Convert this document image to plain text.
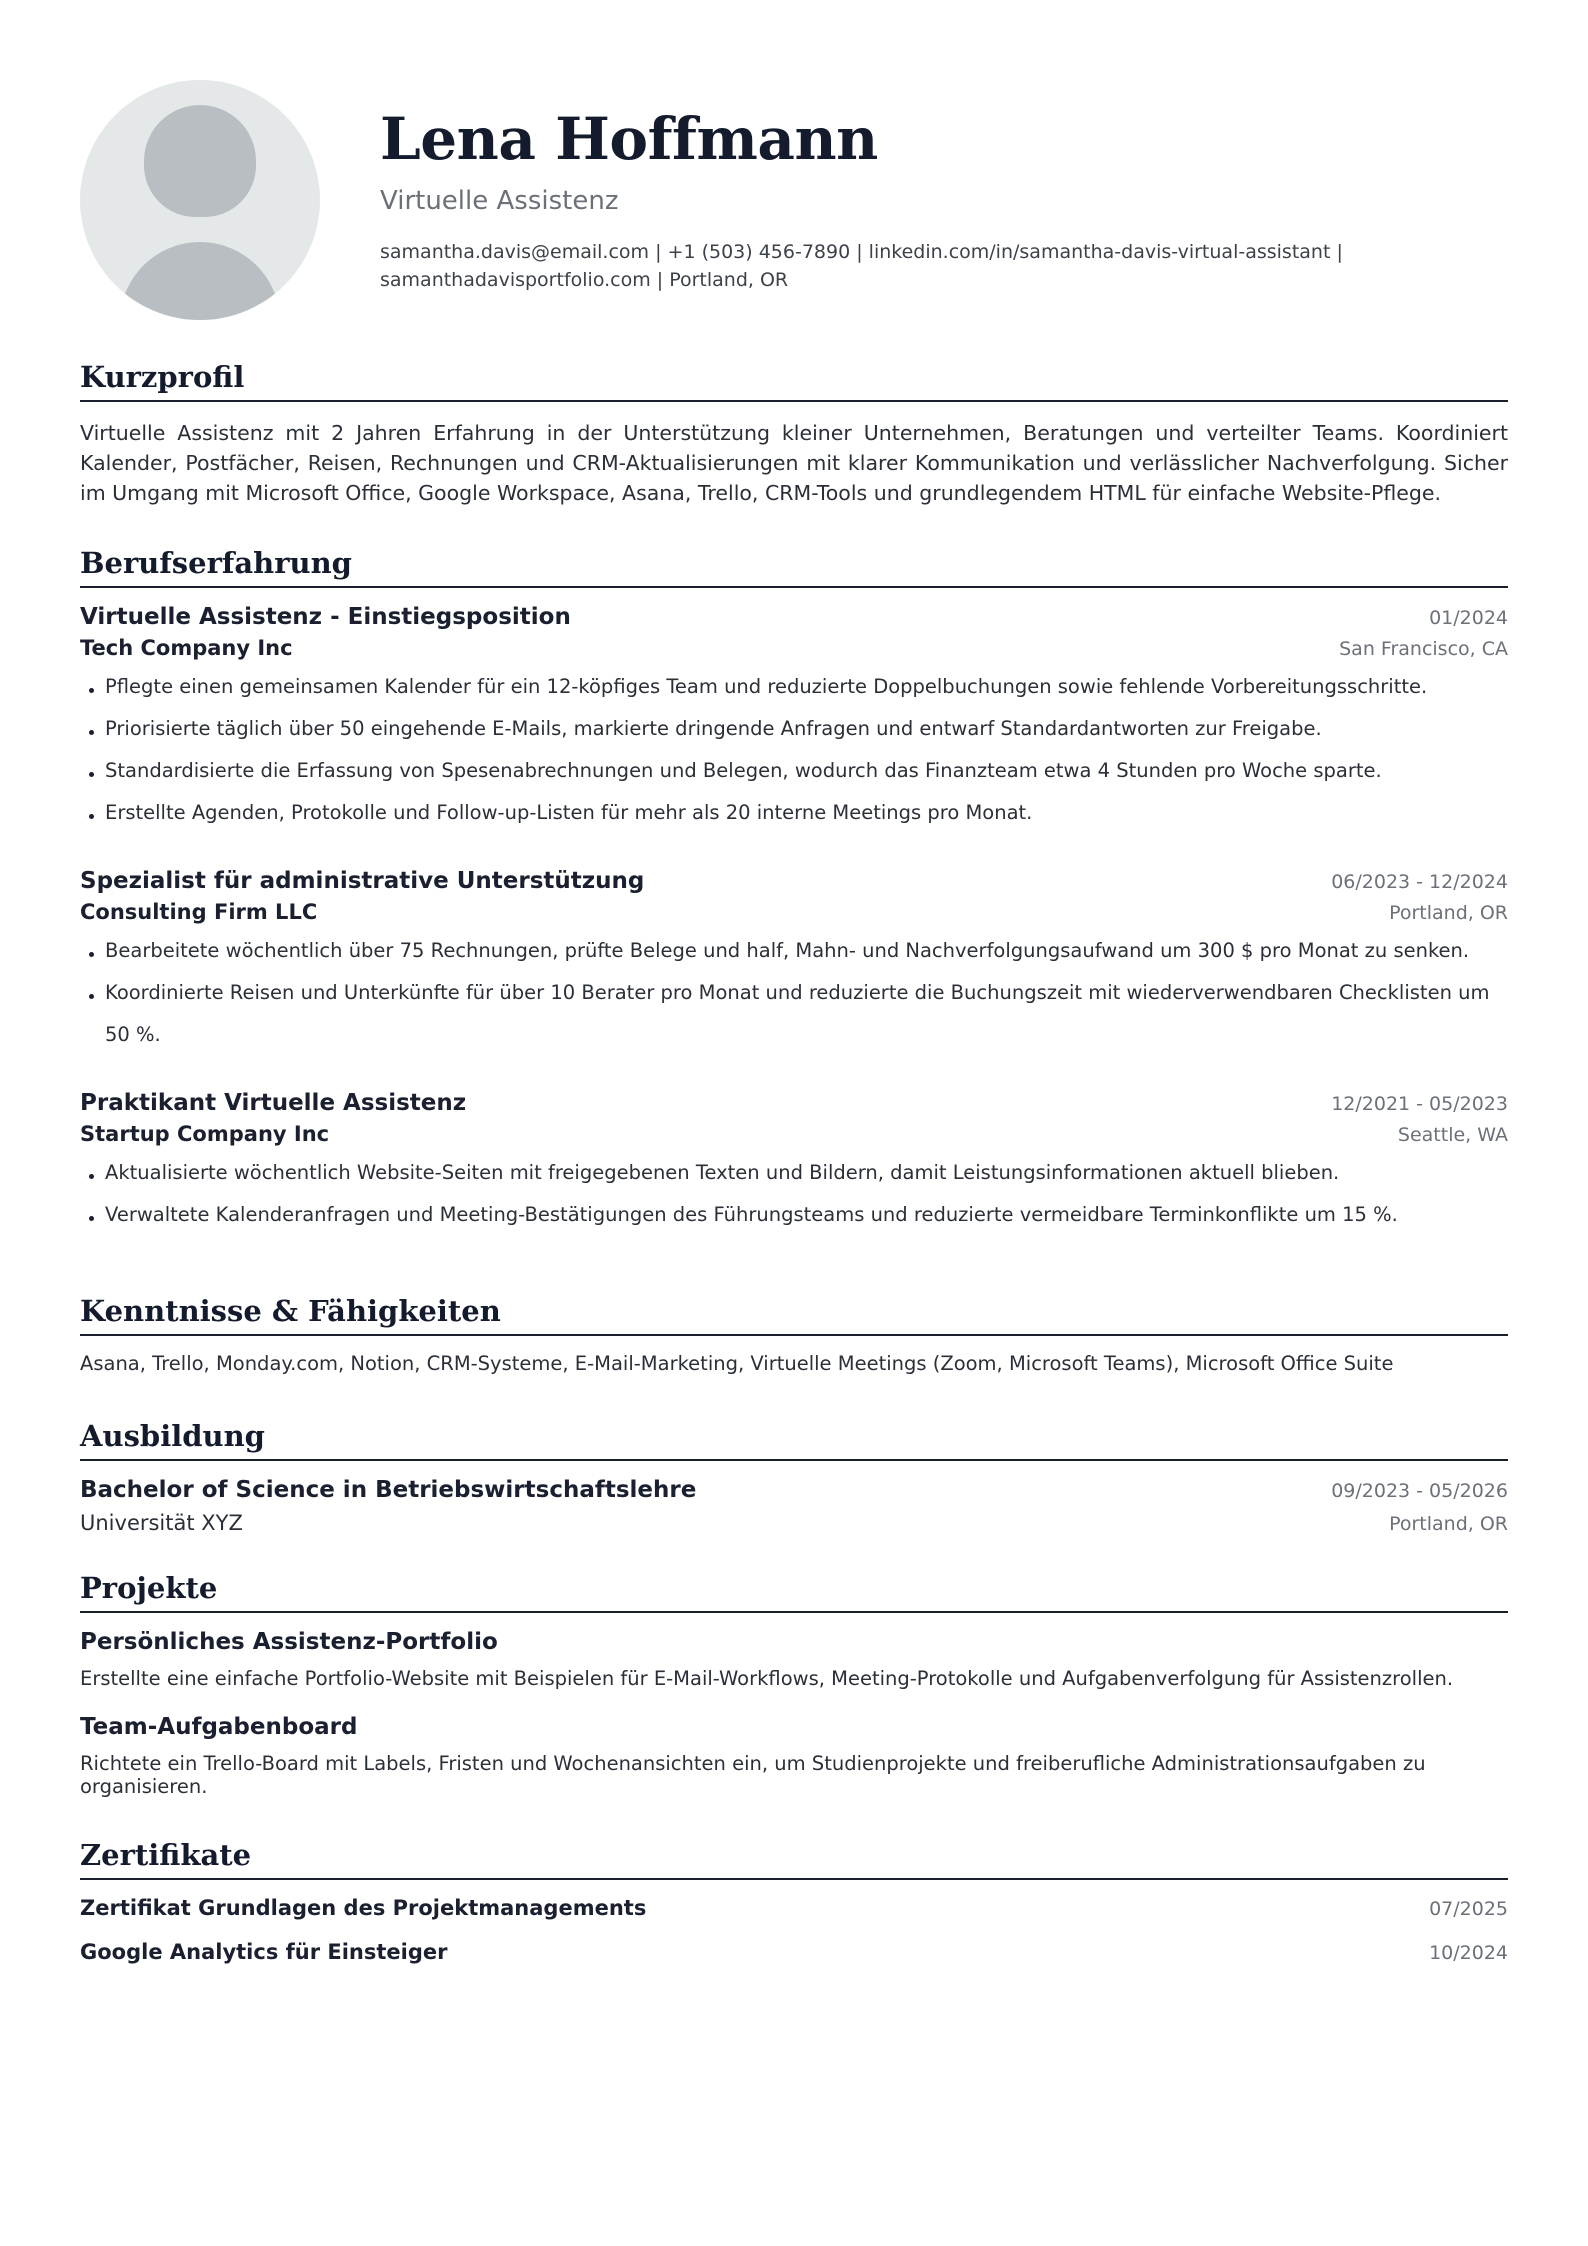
Lena Hoffmann
Virtuelle Assistenz
samantha.davis@email.com | +1 (503) 456-7890 | linkedin.com/in/samantha-davis-virtual-assistant | samanthadavisportfolio.com | Portland, OR
Kurzprofil

Virtuelle Assistenz mit 2 Jahren Erfahrung in der Unterstützung kleiner Unternehmen, Beratungen und verteilter Teams. Koordiniert Kalender, Postfächer, Reisen, Rechnungen und CRM-Aktualisierungen mit klarer Kommunikation und verlässlicher Nachverfolgung. Sicher im Umgang mit Microsoft Office, Google Workspace, Asana, Trello, CRM-Tools und grundlegendem HTML für einfache Website-Pflege.

Berufserfahrung
Virtuelle Assistenz - Einstiegsposition	01/2024
Tech Company Inc	San Francisco, CA
Pflegte einen gemeinsamen Kalender für ein 12-köpfiges Team und reduzierte Doppelbuchungen sowie fehlende Vorbereitungsschritte.
Priorisierte täglich über 50 eingehende E-Mails, markierte dringende Anfragen und entwarf Standardantworten zur Freigabe.
Standardisierte die Erfassung von Spesenabrechnungen und Belegen, wodurch das Finanzteam etwa 4 Stunden pro Woche sparte.
Erstellte Agenden, Protokolle und Follow-up-Listen für mehr als 20 interne Meetings pro Monat.
Spezialist für administrative Unterstützung	06/2023 - 12/2024
Consulting Firm LLC	Portland, OR
Bearbeitete wöchentlich über 75 Rechnungen, prüfte Belege und half, Mahn- und Nachverfolgungsaufwand um 300 $ pro Monat zu senken.
Koordinierte Reisen und Unterkünfte für über 10 Berater pro Monat und reduzierte die Buchungszeit mit wiederverwendbaren Checklisten um 50 %.
Praktikant Virtuelle Assistenz	12/2021 - 05/2023
Startup Company Inc	Seattle, WA
Aktualisierte wöchentlich Website-Seiten mit freigegebenen Texten und Bildern, damit Leistungsinformationen aktuell blieben.
Verwaltete Kalenderanfragen und Meeting-Bestätigungen des Führungsteams und reduzierte vermeidbare Terminkonflikte um 15 %.
Kenntnisse & Fähigkeiten

Asana, Trello, Monday.com, Notion, CRM-Systeme, E-Mail-Marketing, Virtuelle Meetings (Zoom, Microsoft Teams), Microsoft Office Suite

Ausbildung
Bachelor of Science in Betriebswirtschaftslehre	09/2023 - 05/2026
Universität XYZ	Portland, OR
Projekte
Persönliches Assistenz-Portfolio
Erstellte eine einfache Portfolio-Website mit Beispielen für E-Mail-Workflows, Meeting-Protokolle und Aufgabenverfolgung für Assistenzrollen.
Team-Aufgabenboard
Richtete ein Trello-Board mit Labels, Fristen und Wochenansichten ein, um Studienprojekte und freiberufliche Administrationsaufgaben zu organisieren.
Zertifikate
Zertifikat Grundlagen des Projektmanagements	07/2025
Google Analytics für Einsteiger	10/2024
